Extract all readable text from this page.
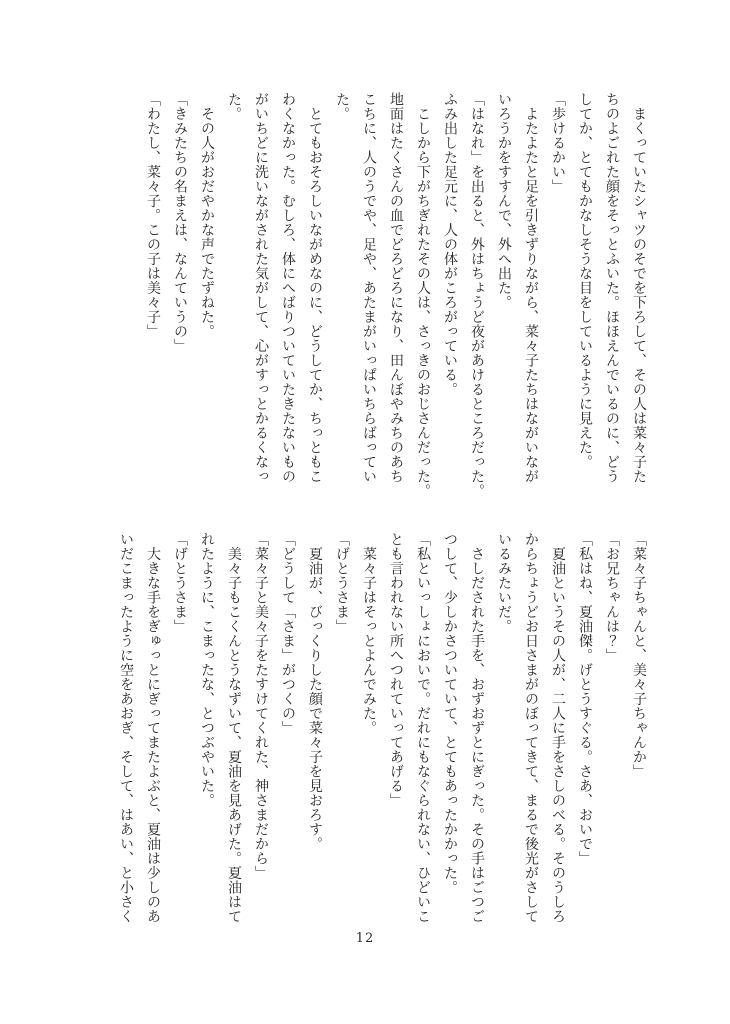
　まくっていたシャツのそでを下ろして、その人は菜々子た

ちのよごれた顔をそっとふいた。ほほえんでいるのに、どう

してか、とてもかなしそうな目をしているように見えた。

「歩けるかい」

　よたよたと足を引きずりながら、菜々子たちはながいなが

いろうかをすすんで、外へ出た。

「はなれ」を出ると、外はちょうど夜があけるところだった。

ふみ出した足元に、人の体がころがっている。

　こしから下がちぎれたその人は、さっきのおじさんだった。

地面はたくさんの血でどろどろになり、田んぼやみちのあち

こちに、人のうでや、足や、あたまがいっぱいちらばってい

た。

　とてもおそろしいながめなのに、どうしてか、ちっともこ

わくなかった。むしろ、体にへばりついていたきたないもの

がいちどに洗いながされた気がして、心がすっとかるくなっ

た。

　その人がおだやかな声でたずねた。

「きみたちの名まえは、なんていうの」

「わたし、菜々子。この子は美々子」

「菜々子ちゃんと、美々子ちゃんか」

「お兄ちゃんは？」

「私はね、夏油傑。げとうすぐる。さあ、おいで」

　夏油というその人が、二人に手をさしのべる。そのうしろ

からちょうどお日さまがのぼってきて、まるで後光がさして

いるみたいだ。

　さしだされた手を、おずおずとにぎった。その手はごつご

つして、少しかさついていて、とてもあったかかった。

「私といっしょにおいで。だれにもなぐられない、ひどいこ

とも言われない所へつれていってあげる」

　菜々子はそっとよんでみた。

「げとうさま」

　夏油が、びっくりした顔で菜々子を見おろす。

「どうして「さま」がつくの」

「菜々子と美々子をたすけてくれた、神さまだから」

　美々子もこくんとうなずいて、夏油を見あげた。夏油はて

れたように、こまったな、とつぶやいた。

「げとうさま」

　大きな手をぎゅっとにぎってまたよぶと、夏油は少しのあ

いだこまったように空をあおぎ、そして、はあい、と小さく

12
